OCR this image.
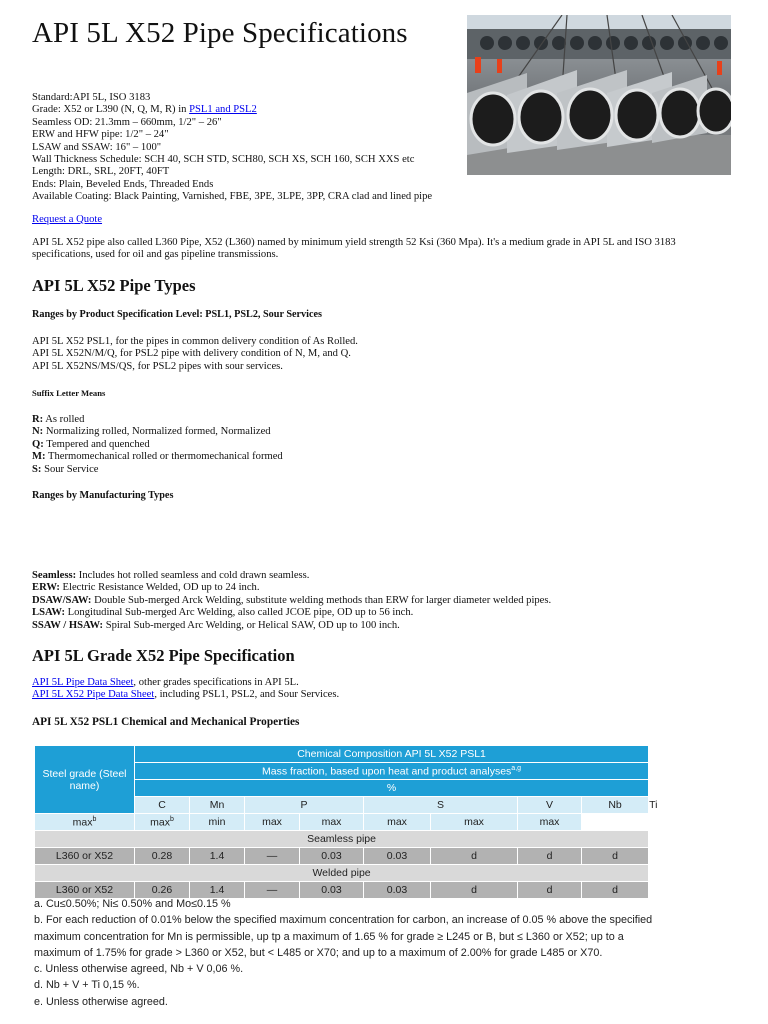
API 5L X52 Pipe Specifications
Standard:API 5L, ISO 3183
Grade: X52 or L390 (N, Q, M, R) in PSL1 and PSL2
Seamless OD: 21.3mm – 660mm, 1/2" – 26"
ERW and HFW pipe: 1/2" – 24"
LSAW and SSAW: 16" – 100"
Wall Thickness Schedule: SCH 40, SCH STD, SCH80, SCH XS, SCH 160, SCH XXS etc
Length: DRL, SRL, 20FT, 40FT
Ends: Plain, Beveled Ends, Threaded Ends
Available Coating: Black Painting, Varnished, FBE, 3PE, 3LPE, 3PP, CRA clad and lined pipe
Request a Quote
API 5L X52 pipe also called L360 Pipe, X52 (L360) named by minimum yield strength 52 Ksi (360 Mpa). It's a medium grade in API 5L and ISO 3183 specifications, used for oil and gas pipeline transmissions.
API 5L X52 Pipe Types
Ranges by Product Specification Level: PSL1, PSL2, Sour Services
API 5L X52 PSL1, for the pipes in common delivery condition of As Rolled.
API 5L X52N/M/Q, for PSL2 pipe with delivery condition of N, M, and Q.
API 5L X52NS/MS/QS, for PSL2 pipes with sour services.
Suffix Letter Means
R: As rolled
N: Normalizing rolled, Normalized formed, Normalized
Q: Tempered and quenched
M: Thermomechanical rolled or thermomechanical formed
S: Sour Service
Ranges by Manufacturing Types
Seamless: Includes hot rolled seamless and cold drawn seamless.
ERW: Electric Resistance Welded, OD up to 24 inch.
DSAW/SAW: Double Sub-merged Arck Welding, substitute welding methods than ERW for larger diameter welded pipes.
LSAW: Longitudinal Sub-merged Arc Welding, also called JCOE pipe, OD up to 56 inch.
SSAW / HSAW: Spiral Sub-merged Arc Welding, or Helical SAW, OD up to 100 inch.
API 5L Grade X52 Pipe Specification
API 5L Pipe Data Sheet, other grades specifications in API 5L.
API 5L X52 Pipe Data Sheet, including PSL1, PSL2, and Sour Services.
API 5L X52 PSL1 Chemical and Mechanical Properties
Steel grade (Steel name)	Chemical Composition API 5L X52 PSL1								
	Mass fraction, based upon heat and product analyses$^{a,g}$
	%								
	C	Mn	P		S		V	Nb	Ti
$\max^b$	$\max^b$	min	max	max	max	max	max		
Seamless pipe									
L360 or X52	0.28	1.4	—	0.03	0.03	d	d	d	
Welded pipe									
L360 or X52	0.26	1.4	—	0.03	0.03	d	d	d	
a. Cu≤0.50%; Ni≤ 0.50% and Mo≤0.15 %
b. For each reduction of 0.01% below the specified maximum concentration for carbon, an increase of 0.05 % above the specified maximum concentration for Mn is permissible, up tp a maximum of 1.65 % for grade ≥ L245 or B, but ≤ L360 or X52; up to a maximum of 1.75% for grade > L360 or X52, but < L485 or X70; and up to a maximum of 2.00% for grade L485 or X70.
c. Unless otherwise agreed, Nb + V 0,06 %.
d. Nb + V + Ti 0,15 %.
e. Unless otherwise agreed.
